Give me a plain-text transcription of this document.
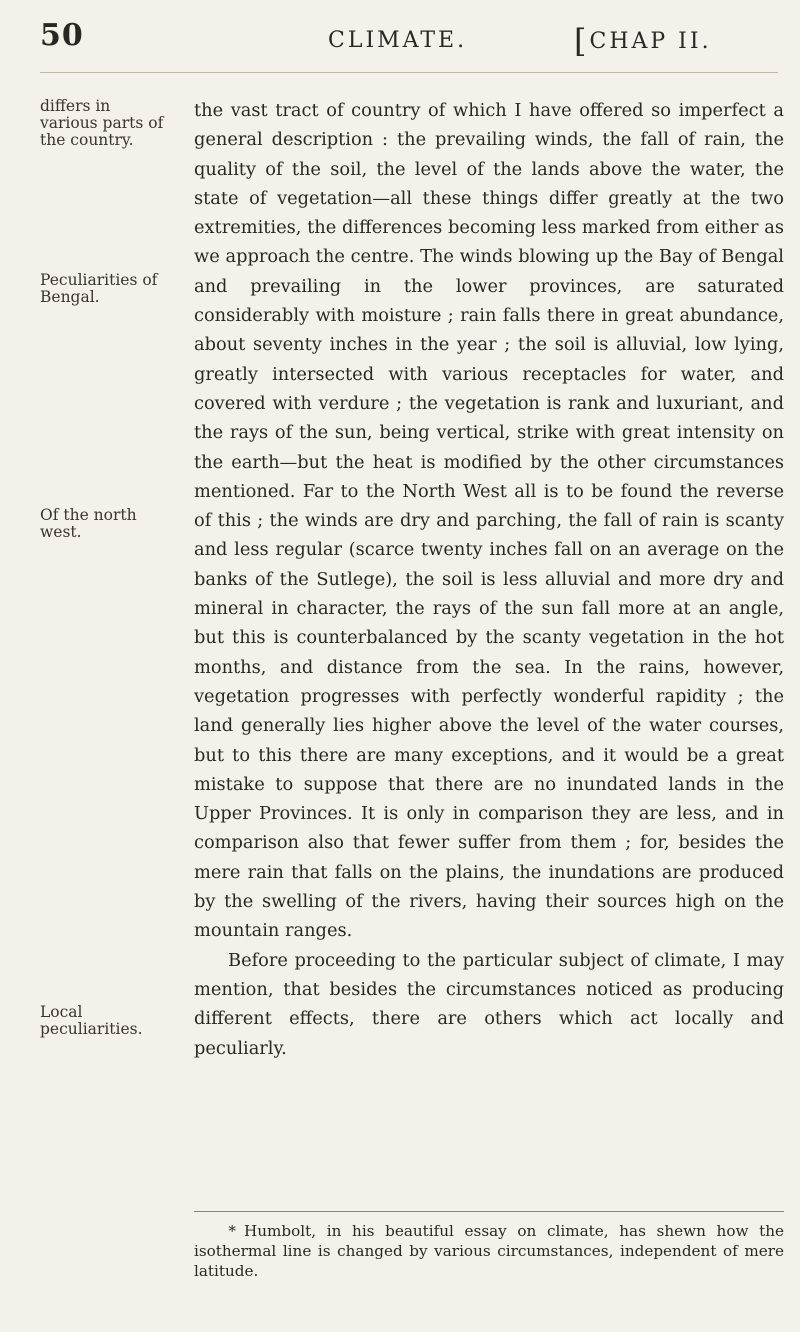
50	CLIMATE.	[CHAP II.
differs in various parts of the country.
Peculiarities of Bengal.
Of the north west.
Local peculiarities.

the vast tract of country of which I have offered so imperfect a general description : the prevailing winds, the fall of rain, the quality of the soil, the level of the lands above the water, the state of vegetation—all these things differ greatly at the two extremities, the differences becoming less marked from either as we approach the centre. The winds blowing up the Bay of Bengal and prevailing in the lower provinces, are saturated considerably with moisture ; rain falls there in great abundance, about seventy inches in the year ; the soil is alluvial, low lying, greatly intersected with various receptacles for water, and covered with verdure ; the vegetation is rank and luxuriant, and the rays of the sun, being vertical, strike with great intensity on the earth—but the heat is modified by the other circumstances mentioned. Far to the North West all is to be found the reverse of this ; the winds are dry and parching, the fall of rain is scanty and less regular (scarce twenty inches fall on an average on the banks of the Sutlege), the soil is less alluvial and more dry and mineral in character, the rays of the sun fall more at an angle, but this is counterbalanced by the scanty vegetation in the hot months, and distance from the sea. In the rains, however, vegetation progresses with perfectly wonderful rapidity ; the land generally lies higher above the level of the water courses, but to this there are many exceptions, and it would be a great mistake to suppose that there are no inundated lands in the Upper Provinces. It is only in comparison they are less, and in comparison also that fewer suffer from them ; for, besides the mere rain that falls on the plains, the inundations are produced by the swelling of the rivers, having their sources high on the mountain ranges.

Before proceeding to the particular subject of climate, I may mention, that besides the circumstances noticed as producing different effects, there are others which act locally and peculiarly.

* Humbolt, in his beautiful essay on climate, has shewn how the isothermal line is changed by various circumstances, independent of mere latitude.
